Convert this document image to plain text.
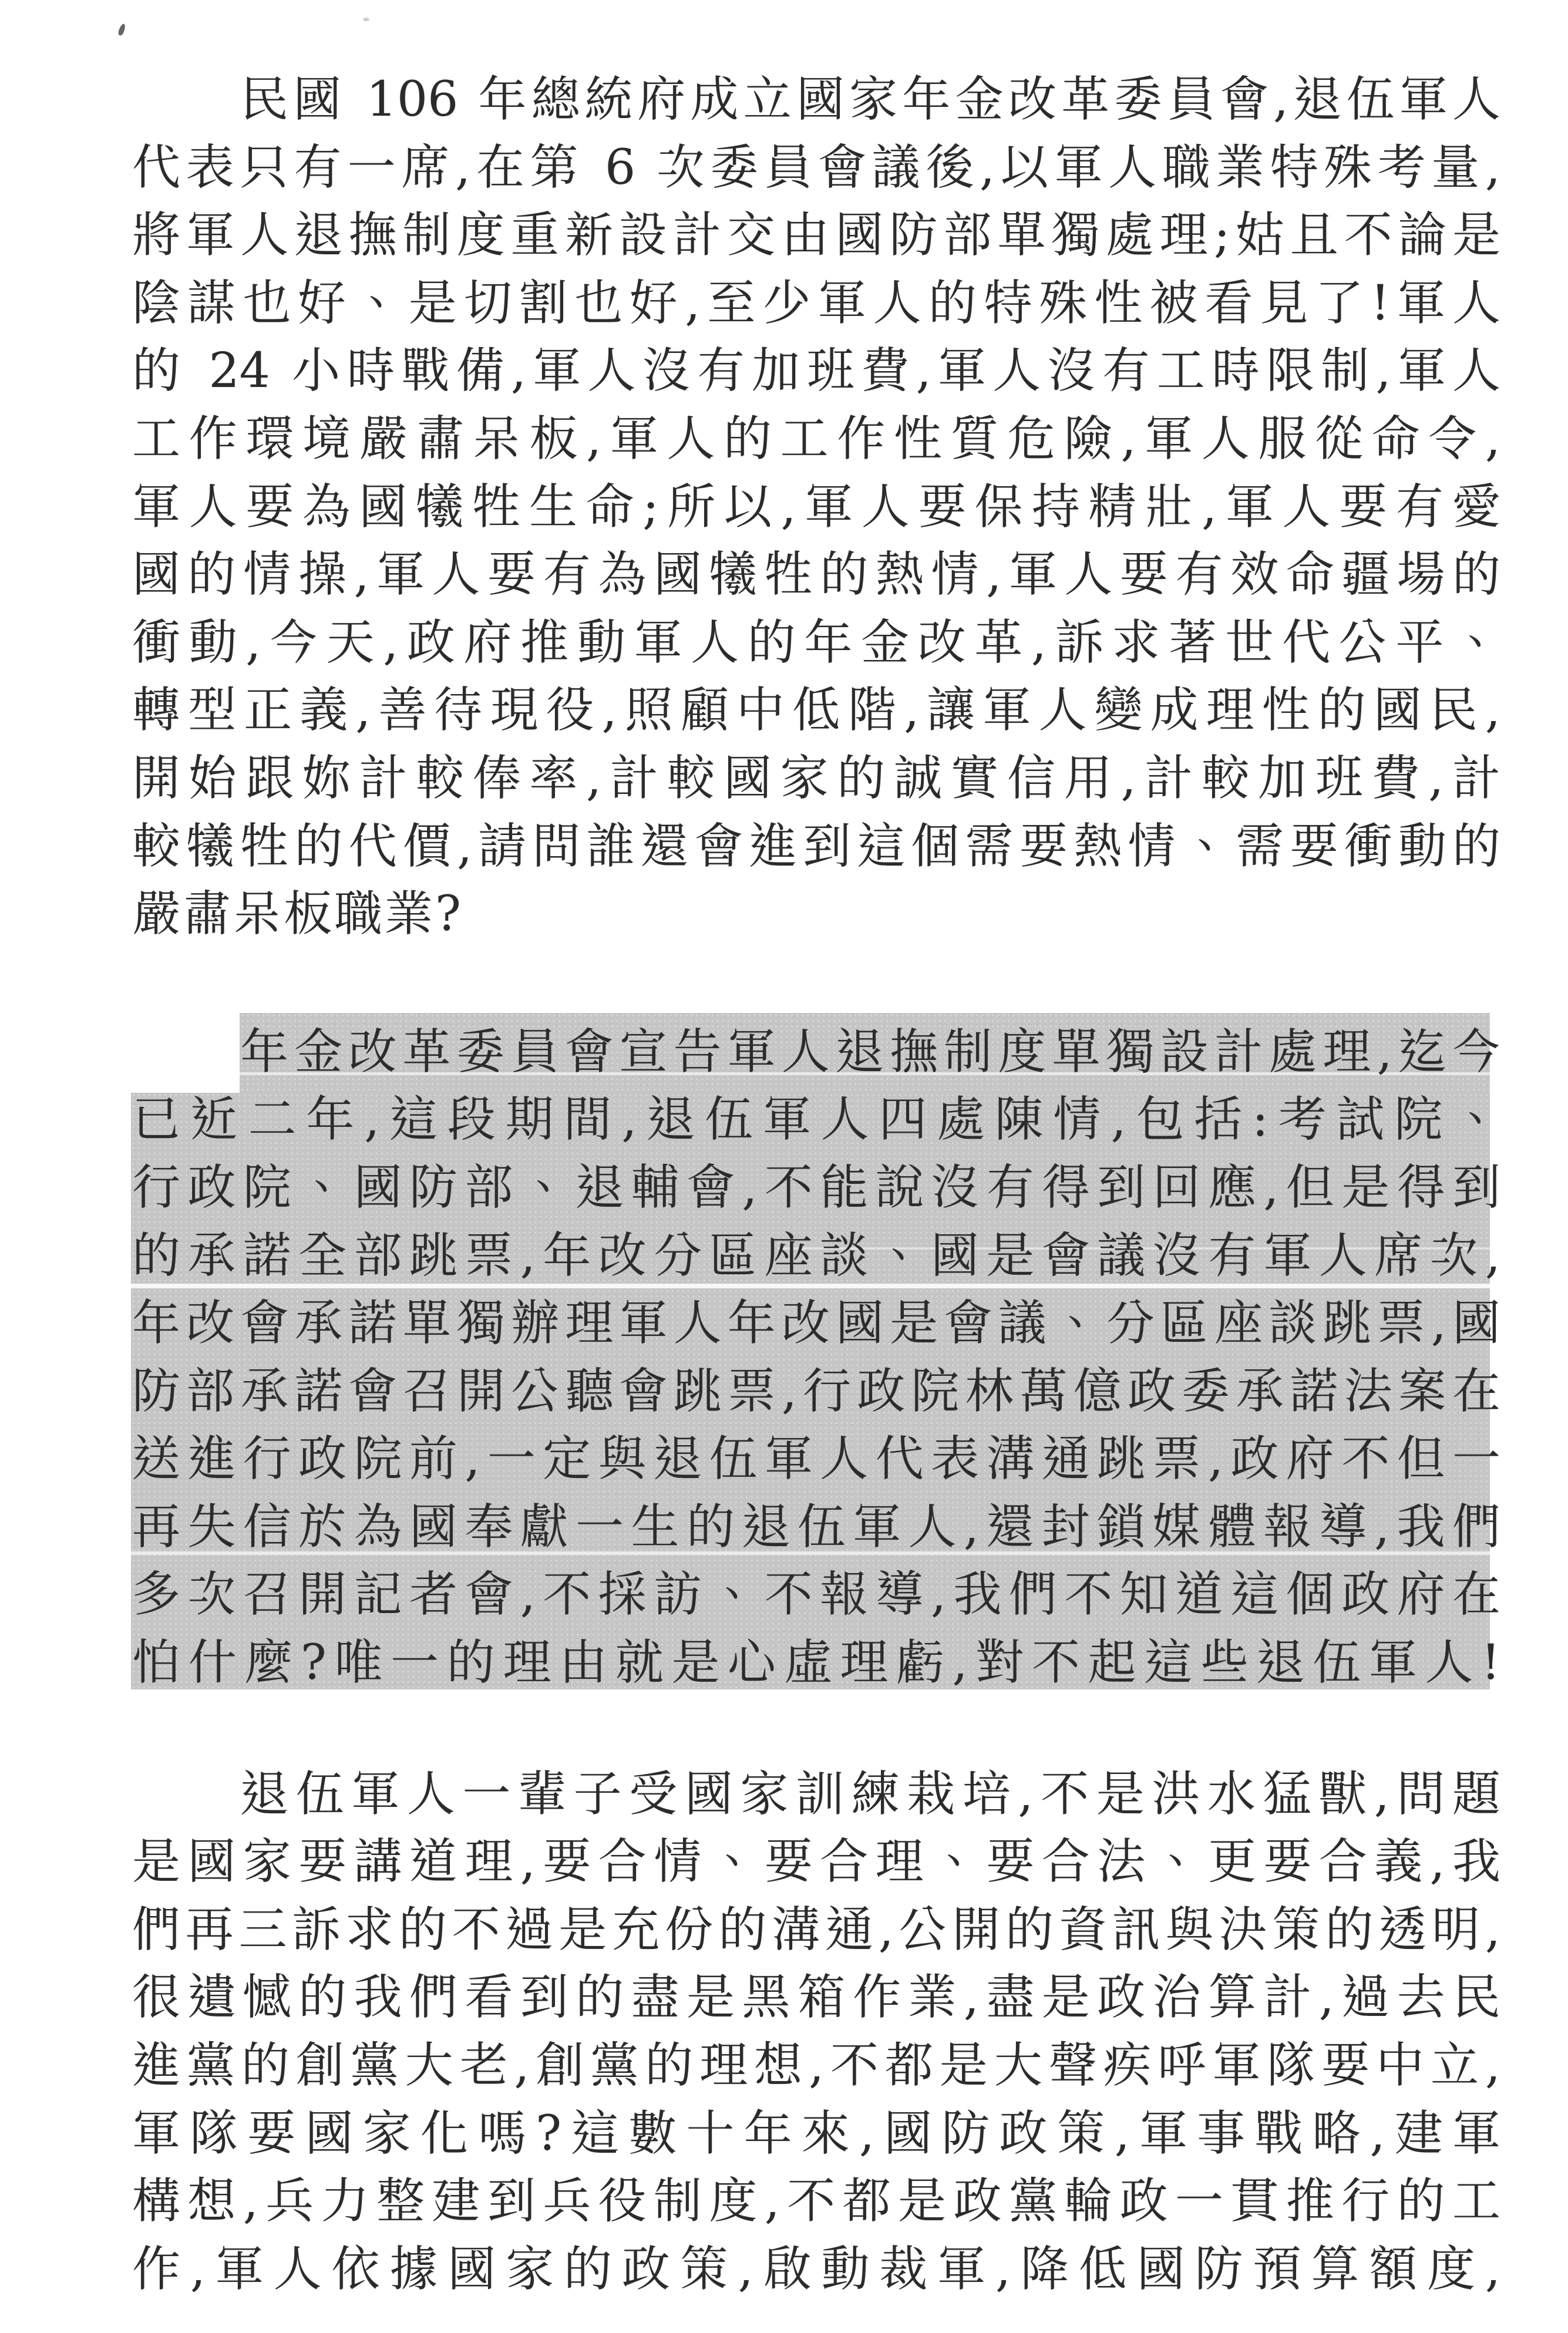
民國 106 年總統府成立國家年金改革委員會,退伍軍人
代表只有一席,在第 6 次委員會議後,以軍人職業特殊考量,
將軍人退撫制度重新設計交由國防部單獨處理;姑且不論是
陰謀也好、是切割也好,至少軍人的特殊性被看見了!軍人
的 24 小時戰備,軍人沒有加班費,軍人沒有工時限制,軍人
工作環境嚴肅呆板,軍人的工作性質危險,軍人服從命令,
軍人要為國犧牲生命;所以,軍人要保持精壯,軍人要有愛
國的情操,軍人要有為國犧牲的熱情,軍人要有效命疆場的
衝動,今天,政府推動軍人的年金改革,訴求著世代公平、
轉型正義,善待現役,照顧中低階,讓軍人變成理性的國民,
開始跟妳計較俸率,計較國家的誠實信用,計較加班費,計
較犧牲的代價,請問誰還會進到這個需要熱情、需要衝動的
嚴肅呆板職業?
年金改革委員會宣告軍人退撫制度單獨設計處理,迄今
已近二年,這段期間,退伍軍人四處陳情,包括:考試院、
行政院、國防部、退輔會,不能說沒有得到回應,但是得到
的承諾全部跳票,年改分區座談、國是會議沒有軍人席次,
年改會承諾單獨辦理軍人年改國是會議、分區座談跳票,國
防部承諾會召開公聽會跳票,行政院林萬億政委承諾法案在
送進行政院前,一定與退伍軍人代表溝通跳票,政府不但一
再失信於為國奉獻一生的退伍軍人,還封鎖媒體報導,我們
多次召開記者會,不採訪、不報導,我們不知道這個政府在
怕什麼?唯一的理由就是心虛理虧,對不起這些退伍軍人!
退伍軍人一輩子受國家訓練栽培,不是洪水猛獸,問題
是國家要講道理,要合情、要合理、要合法、更要合義,我
們再三訴求的不過是充份的溝通,公開的資訊與決策的透明,
很遺憾的我們看到的盡是黑箱作業,盡是政治算計,過去民
進黨的創黨大老,創黨的理想,不都是大聲疾呼軍隊要中立,
軍隊要國家化嗎?這數十年來,國防政策,軍事戰略,建軍
構想,兵力整建到兵役制度,不都是政黨輪政一貫推行的工
作,軍人依據國家的政策,啟動裁軍,降低國防預算額度,
